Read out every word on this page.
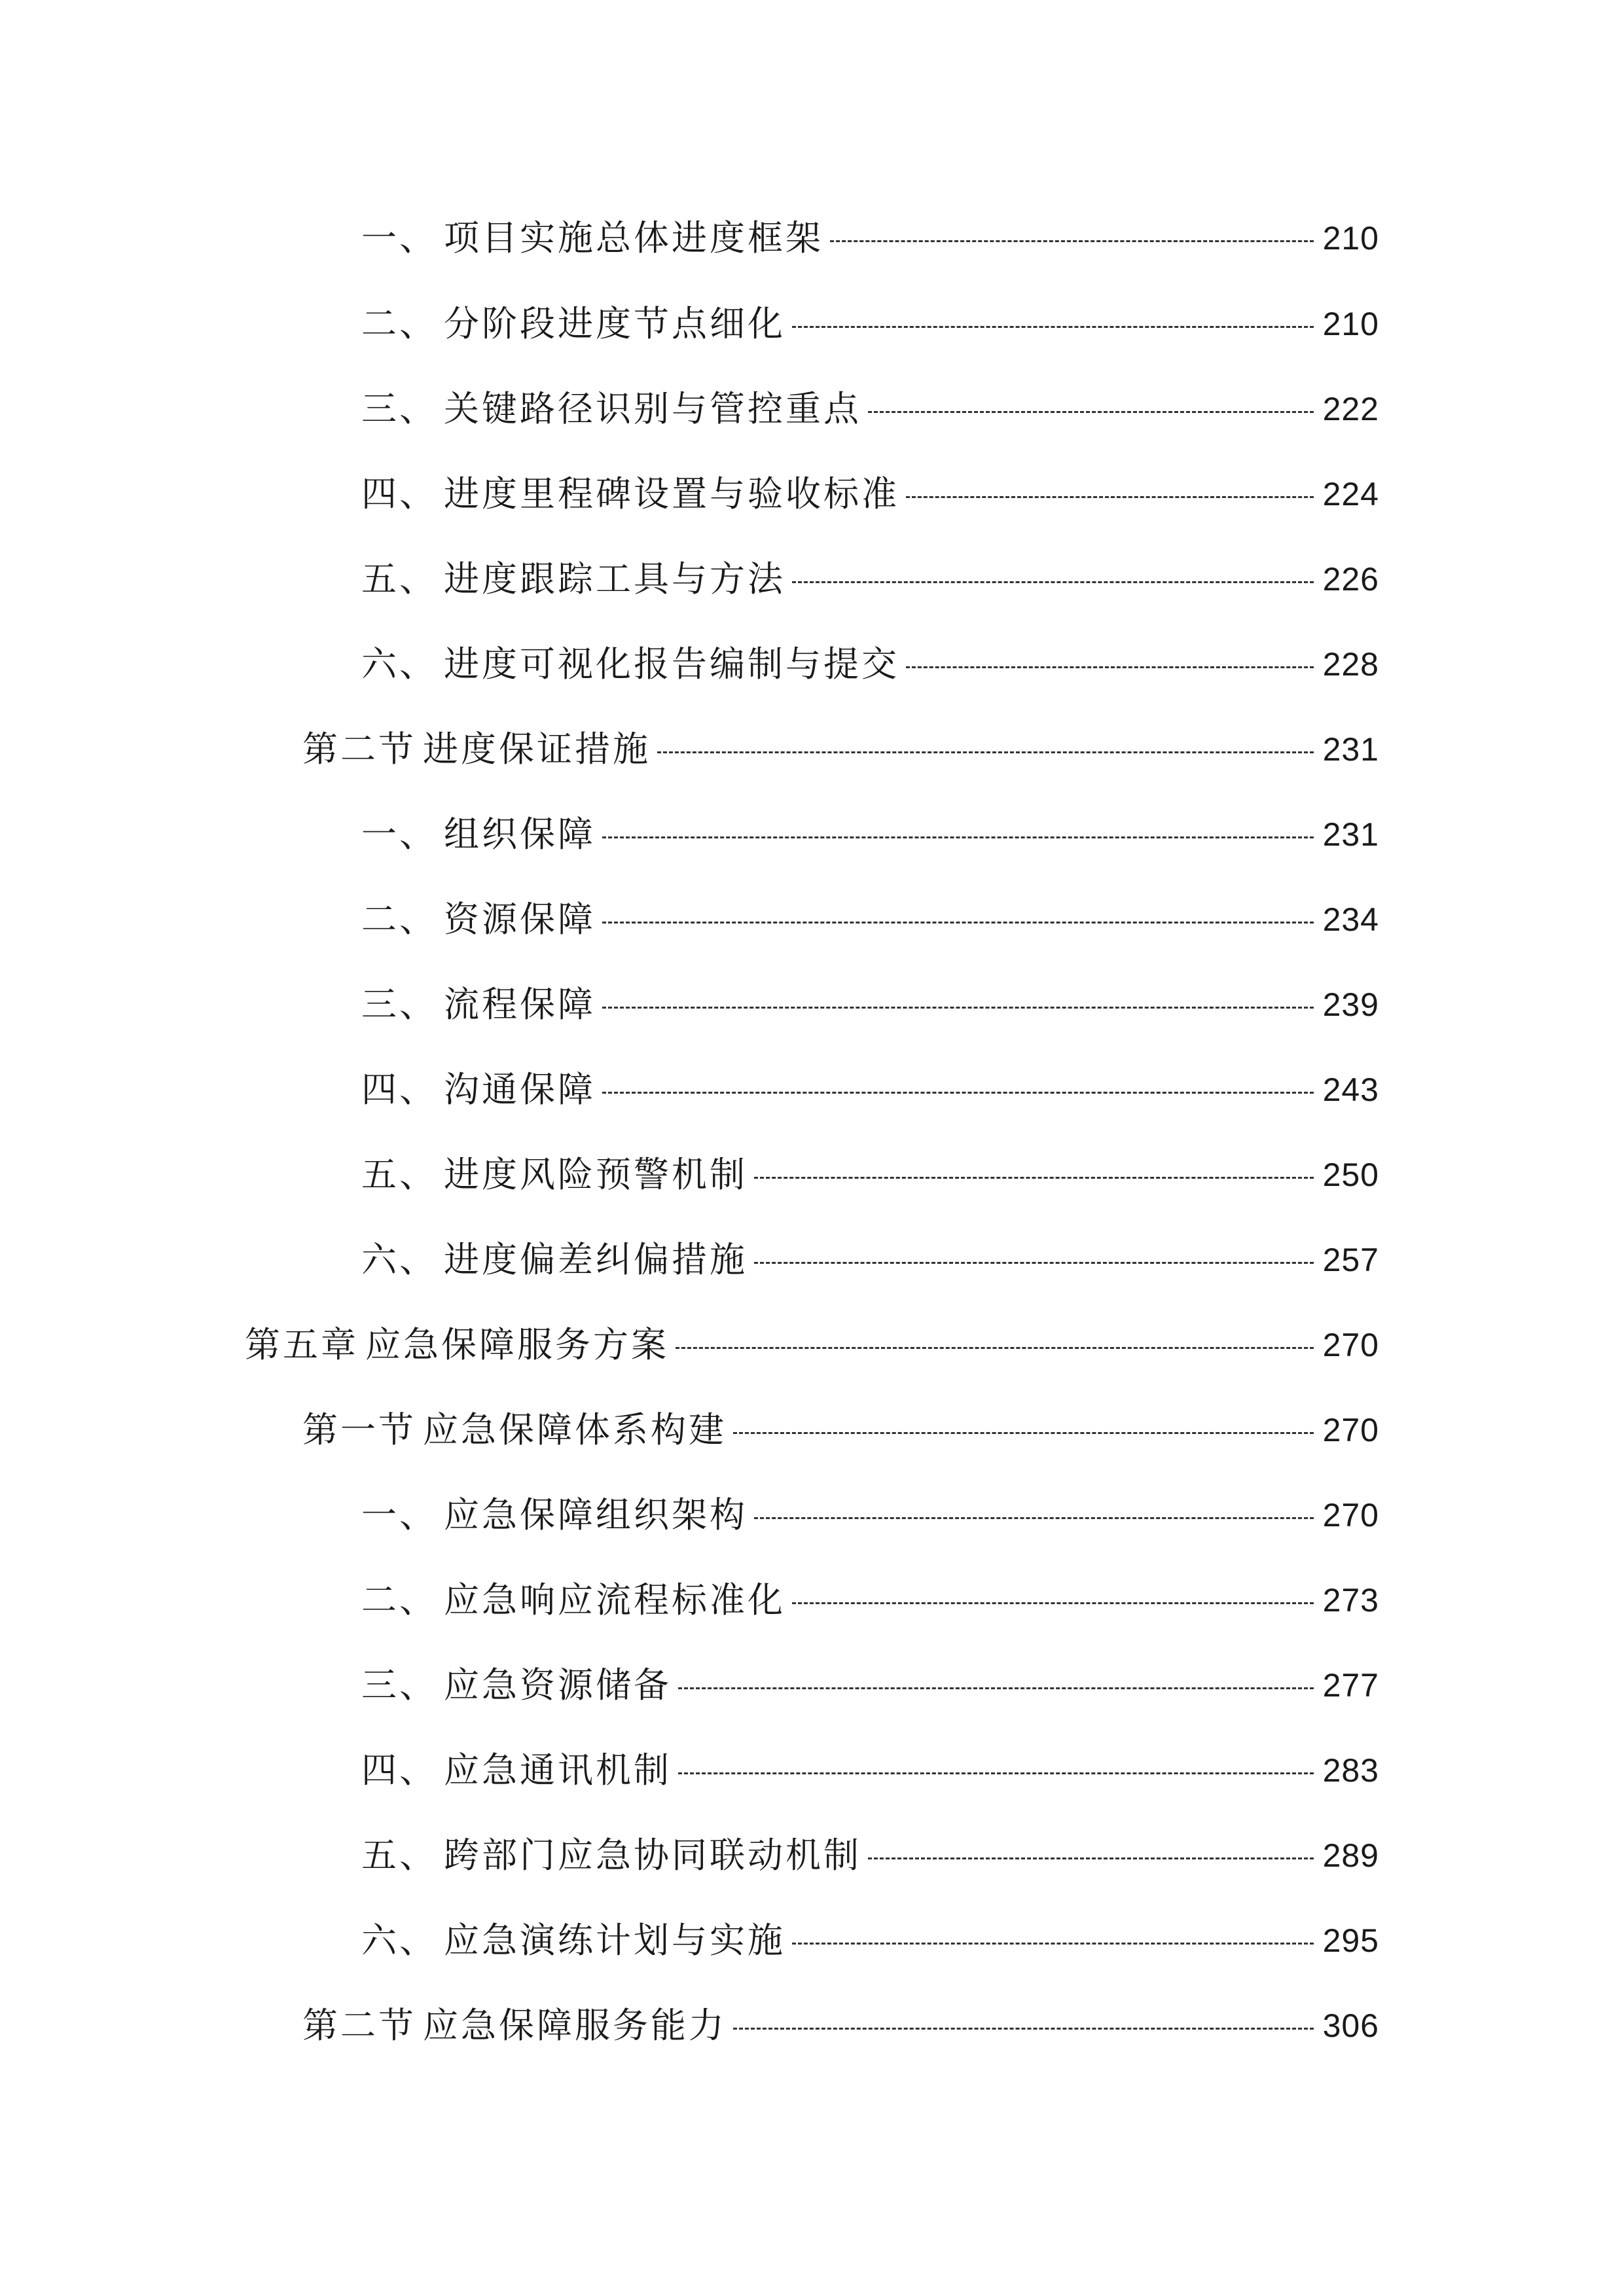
一、 项目实施总体进度框架	210
二、 分阶段进度节点细化	210
三、 关键路径识别与管控重点	222
四、 进度里程碑设置与验收标准	224
五、 进度跟踪工具与方法	226
六、 进度可视化报告编制与提交	228
第二节 进度保证措施	231
一、 组织保障	231
二、 资源保障	234
三、 流程保障	239
四、 沟通保障	243
五、 进度风险预警机制	250
六、 进度偏差纠偏措施	257
第五章 应急保障服务方案	270
第一节 应急保障体系构建	270
一、 应急保障组织架构	270
二、 应急响应流程标准化	273
三、 应急资源储备	277
四、 应急通讯机制	283
五、 跨部门应急协同联动机制	289
六、 应急演练计划与实施	295
第二节 应急保障服务能力	306
